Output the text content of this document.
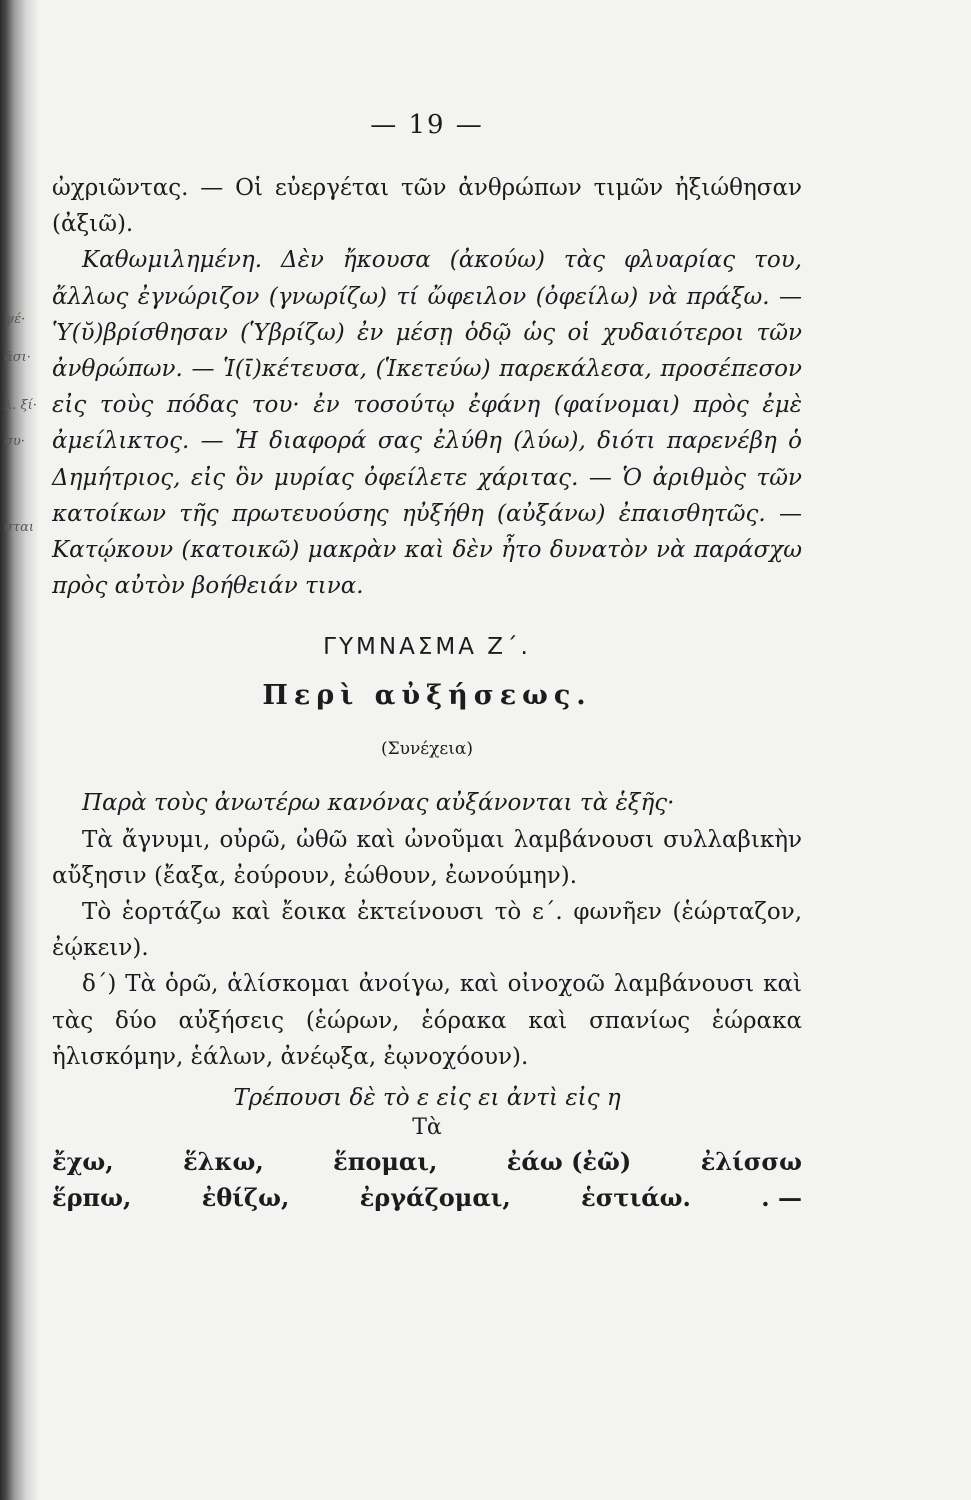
ψέ·
ᾶσι·
λ. ξί·
συ·
σται
— 19 —

ὠχριῶντας. — Οἱ εὐεργέται τῶν ἀνθρώπων τιμῶν ἠξιώθησαν (ἀξιῶ).

Καθωμιλημένη. Δὲν ἤκουσα (ἀκούω) τὰς φλυαρίας του, ἄλλως ἐγνώριζον (γνωρίζω) τί ὤφειλον (ὀφείλω) νὰ πράξω. — Ὑ(ῠ)βρίσθησαν (Ὑβρίζω) ἐν μέσῃ ὁδῷ ὡς οἱ χυδαιότεροι τῶν ἀνθρώπων. — Ἱ(ῑ)κέτευσα, (Ἱκετεύω) παρεκάλεσα, προσέπεσον εἰς τοὺς πόδας του· ἐν τοσούτῳ ἐφάνη (φαίνομαι) πρὸς ἐμὲ ἀμείλικτος. — Ἡ διαφορά σας ἐλύθη (λύω), διότι παρενέβη ὁ Δημήτριος, εἰς ὃν μυρίας ὀφείλετε χάριτας. — Ὁ ἀριθμὸς τῶν κατοίκων τῆς πρωτευούσης ηὐξήθη (αὐξάνω) ἐπαισθητῶς. — Κατῴκουν (κατοικῶ) μακρὰν καὶ δὲν ἦτο δυνατὸν νὰ παράσχω πρὸς αὐτὸν βοήθειάν τινα.

ΓΥΜΝΑΣΜΑ Ζ΄.
Περὶ αὐξήσεως.
(Συνέχεια)

Παρὰ τοὺς ἀνωτέρω κανόνας αὐξάνονται τὰ ἑξῆς·

Τὰ ἄγνυμι, οὐρῶ, ὠθῶ καὶ ὠνοῦμαι λαμβάνουσι συλλαβικὴν αὔξησιν (ἔαξα, ἐούρουν, ἐώθουν, ἐωνούμην).

Τὸ ἑορτάζω καὶ ἔοικα ἐκτείνουσι τὸ ε΄. φωνῆεν (ἑώρταζον, ἐῴκειν).

δ΄) Τὰ ὁρῶ, ἁλίσκομαι ἀνοίγω, καὶ οἰνοχοῶ λαμβάνουσι καὶ τὰς δύο αὐξήσεις (ἑώρων, ἑόρακα καὶ σπανίως ἑώρακα ἡλισκόμην, ἑάλων, ἀνέῳξα, ἐῳνοχόουν).

Τρέπουσι δὲ τὸ ε εἰς ει ἀντὶ εἰς η
Τὰ
ἔχω,	ἕλκω,	ἕπομαι,	ἐάω (ἐῶ)	ἐλίσσω
ἕρπω,	ἐθίζω,	ἐργάζομαι,	ἑστιάω.	. —
